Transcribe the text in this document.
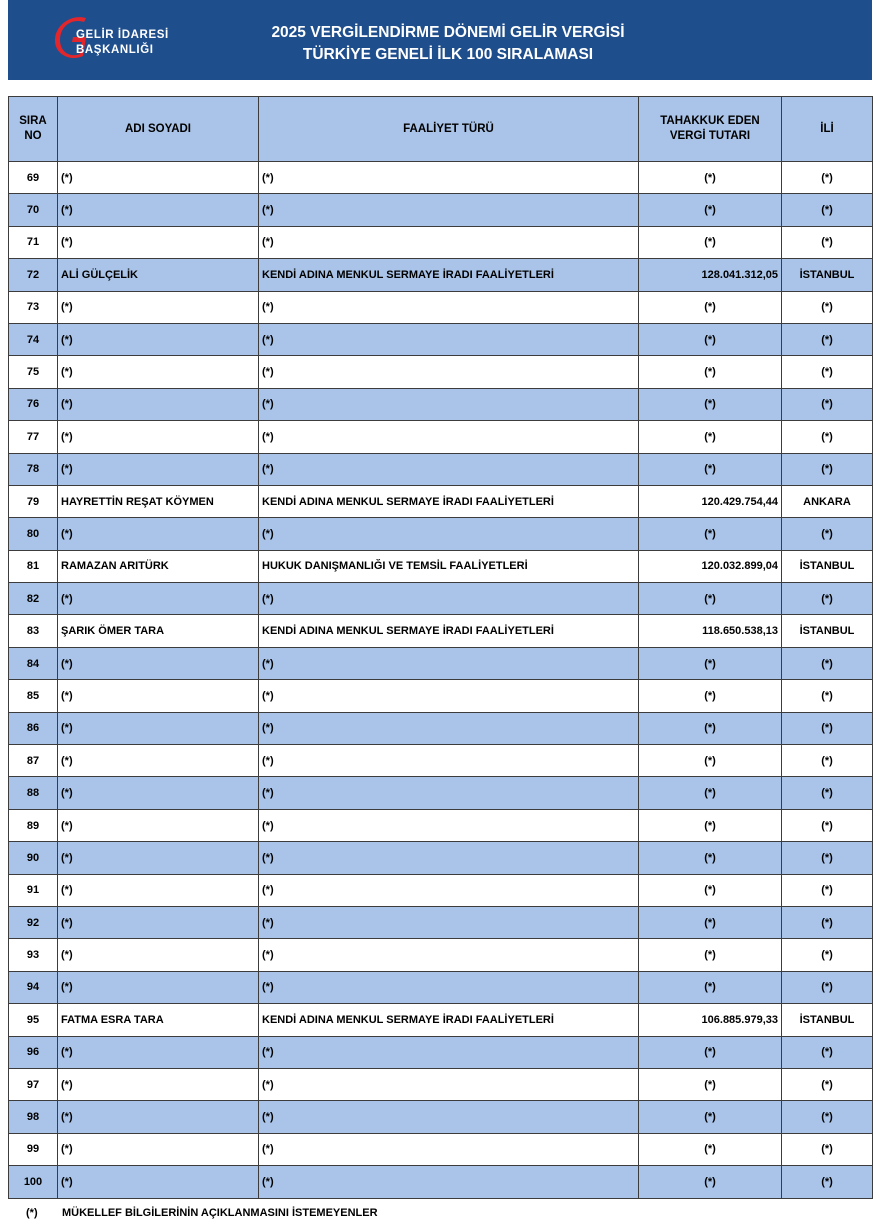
GELİR İDARESİ
BAŞKANLIĞI
2025 VERGİLENDİRME DÖNEMİ GELİR VERGİSİ
TÜRKİYE GENELİ İLK 100 SIRALAMASI
SIRA NO	ADI SOYADI	FAALİYET TÜRÜ	TAHAKKUK EDEN VERGİ TUTARI	İLİ
69	(*)	(*)	(*)	(*)
70	(*)	(*)	(*)	(*)
71	(*)	(*)	(*)	(*)
72	ALİ GÜLÇELİK	KENDİ ADINA MENKUL SERMAYE İRADI FAALİYETLERİ	128.041.312,05	İSTANBUL
73	(*)	(*)	(*)	(*)
74	(*)	(*)	(*)	(*)
75	(*)	(*)	(*)	(*)
76	(*)	(*)	(*)	(*)
77	(*)	(*)	(*)	(*)
78	(*)	(*)	(*)	(*)
79	HAYRETTİN REŞAT KÖYMEN	KENDİ ADINA MENKUL SERMAYE İRADI FAALİYETLERİ	120.429.754,44	ANKARA
80	(*)	(*)	(*)	(*)
81	RAMAZAN ARITÜRK	HUKUK DANIŞMANLIĞI VE TEMSİL FAALİYETLERİ	120.032.899,04	İSTANBUL
82	(*)	(*)	(*)	(*)
83	ŞARIK ÖMER TARA	KENDİ ADINA MENKUL SERMAYE İRADI FAALİYETLERİ	118.650.538,13	İSTANBUL
84	(*)	(*)	(*)	(*)
85	(*)	(*)	(*)	(*)
86	(*)	(*)	(*)	(*)
87	(*)	(*)	(*)	(*)
88	(*)	(*)	(*)	(*)
89	(*)	(*)	(*)	(*)
90	(*)	(*)	(*)	(*)
91	(*)	(*)	(*)	(*)
92	(*)	(*)	(*)	(*)
93	(*)	(*)	(*)	(*)
94	(*)	(*)	(*)	(*)
95	FATMA ESRA TARA	KENDİ ADINA MENKUL SERMAYE İRADI FAALİYETLERİ	106.885.979,33	İSTANBUL
96	(*)	(*)	(*)	(*)
97	(*)	(*)	(*)	(*)
98	(*)	(*)	(*)	(*)
99	(*)	(*)	(*)	(*)
100	(*)	(*)	(*)	(*)
(*) MÜKELLEF BİLGİLERİNİN AÇIKLANMASINI İSTEMEYENLER
